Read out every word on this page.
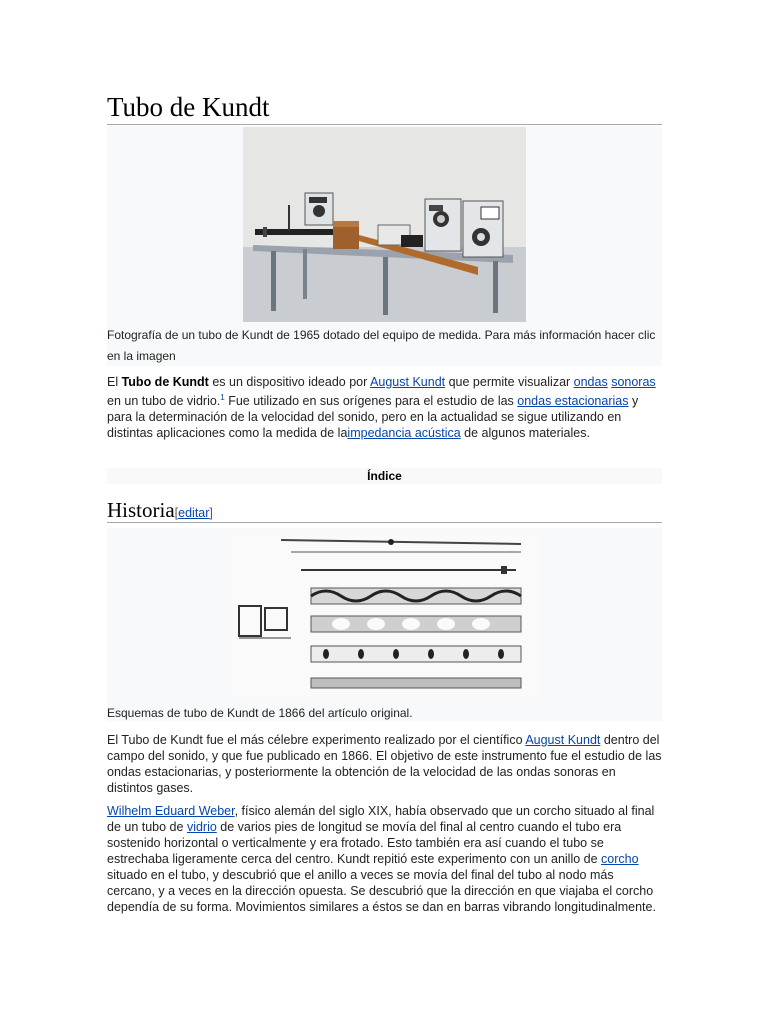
Tubo de Kundt
Fotografía de un tubo de Kundt de 1965 dotado del equipo de medida. Para más información hacer clic en la imagen
El Tubo de Kundt es un dispositivo ideado por August Kundt que permite visualizar ondas sonoras en un tubo de vidrio.$^1$ Fue utilizado en sus orígenes para el estudio de las ondas estacionarias y para la determinación de la velocidad del sonido, pero en la actualidad se sigue utilizando en distintas aplicaciones como la medida de laimpedancia acústica de algunos materiales.
Índice
Historia[editar]
Esquemas de tubo de Kundt de 1866 del artículo original.
El Tubo de Kundt fue el más célebre experimento realizado por el científico August Kundt dentro del campo del sonido, y que fue publicado en 1866. El objetivo de este instrumento fue el estudio de las ondas estacionarias, y posteriormente la obtención de la velocidad de las ondas sonoras en distintos gases.
Wilhelm Eduard Weber, físico alemán del siglo XIX, había observado que un corcho situado al final de un tubo de vidrio de varios pies de longitud se movía del final al centro cuando el tubo era sostenido horizontal o verticalmente y era frotado. Esto también era así cuando el tubo se estrechaba ligeramente cerca del centro. Kundt repitió este experimento con un anillo de corcho situado en el tubo, y descubrió que el anillo a veces se movía del final del tubo al nodo más cercano, y a veces en la dirección opuesta. Se descubrió que la dirección en que viajaba el corcho dependía de su forma. Movimientos similares a éstos se dan en barras vibrando longitudinalmente.
